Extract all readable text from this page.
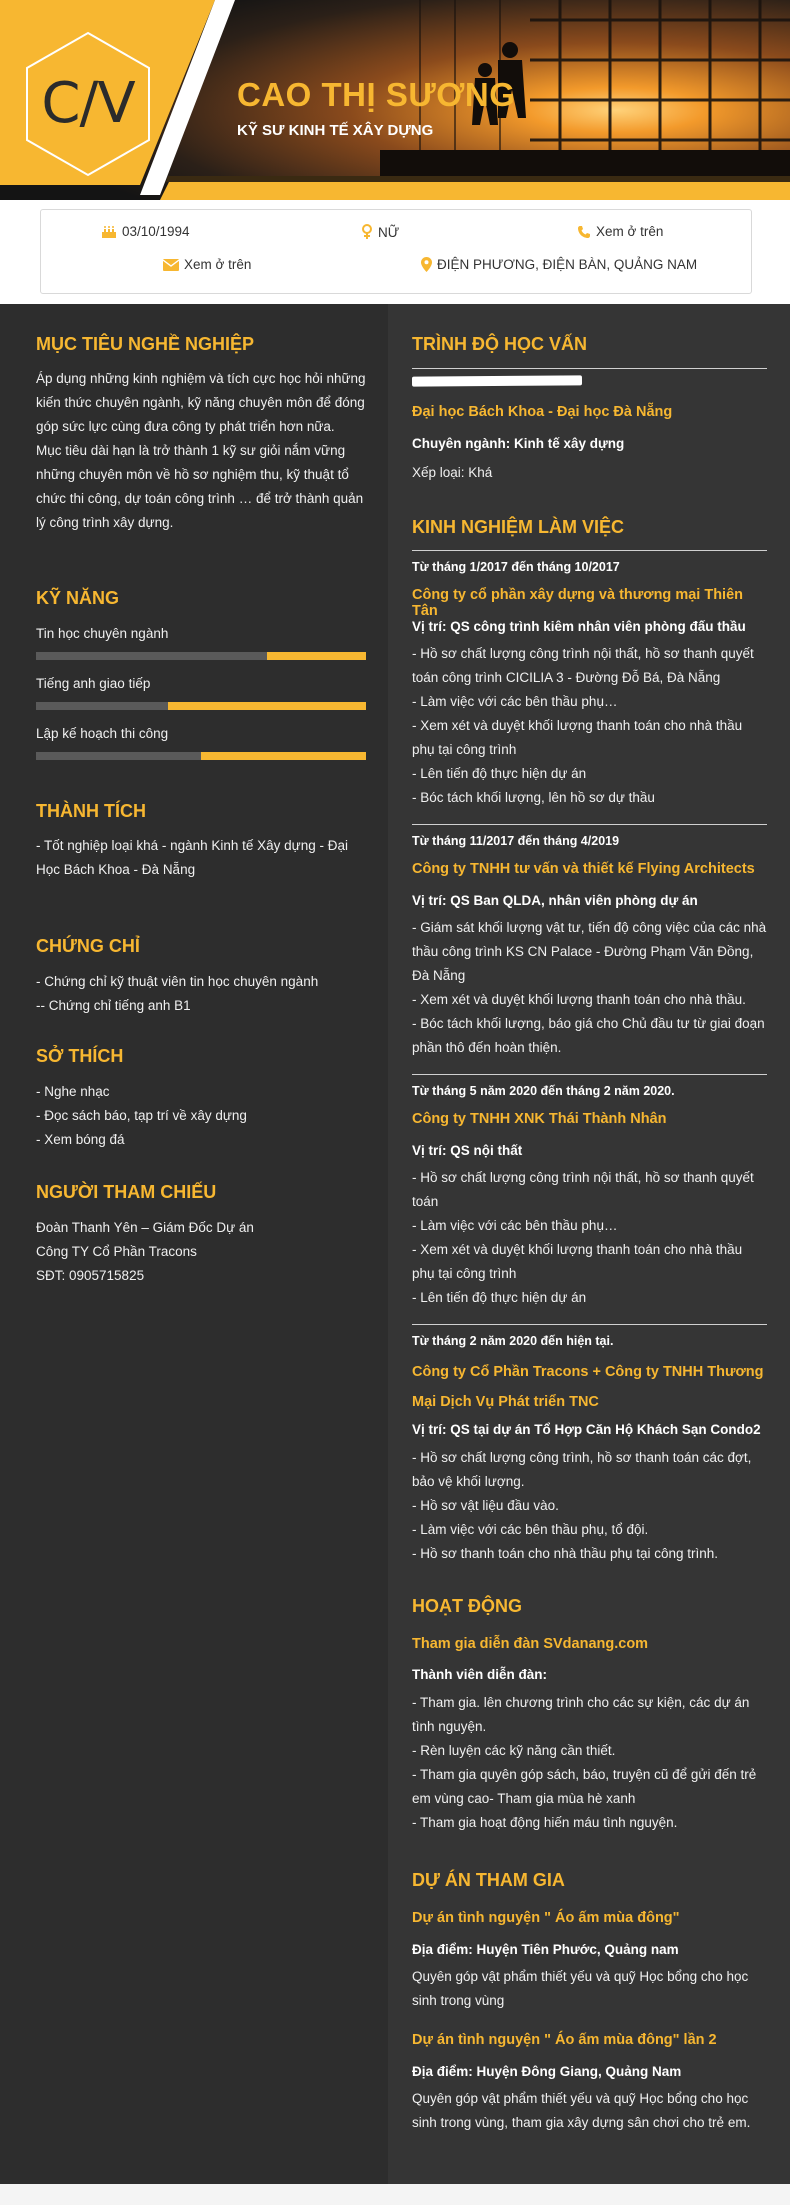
C/V	CAO THỊ SƯƠNG
KỸ SƯ KINH TẾ XÂY DỰNG
03/10/1994	NỮ	Xem ở trên
Xem ở trên	ĐIỆN PHƯƠNG, ĐIỆN BÀN, QUẢNG NAM
MỤC TIÊU NGHỀ NGHIỆP
Áp dụng những kinh nghiệm và tích cực học hỏi những kiến thức chuyên ngành, kỹ năng chuyên môn để đóng góp sức lực cùng đưa công ty phát triển hơn nữa.
Mục tiêu dài hạn là trở thành 1 kỹ sư giỏi nắm vững những chuyên môn về hồ sơ nghiệm thu, kỹ thuật tổ chức thi công, dự toán công trình … để trở thành quản lý công trình xây dựng.
KỸ NĂNG
Tin học chuyên ngành
Tiếng anh giao tiếp
Lập kế hoạch thi công
THÀNH TÍCH
- Tốt nghiệp loại khá - ngành Kinh tế Xây dựng - Đại Học Bách Khoa - Đà Nẵng
CHỨNG CHỈ
- Chứng chỉ kỹ thuật viên tin học chuyên ngành
-- Chứng chỉ tiếng anh B1
SỞ THÍCH
- Nghe nhạc
- Đọc sách báo, tạp trí về xây dựng
- Xem bóng đá
NGƯỜI THAM CHIẾU
Đoàn Thanh Yên – Giám Đốc Dự án
Công TY Cổ Phần Tracons
SĐT: 0905715825
TRÌNH ĐỘ HỌC VẤN
Đại học Bách Khoa - Đại học Đà Nẵng
Chuyên ngành: Kinh tế xây dựng
Xếp loại: Khá
KINH NGHIỆM LÀM VIỆC
Từ tháng 1/2017 đến tháng 10/2017
Công ty cổ phần xây dựng và thương mại Thiên Tân
Vị trí: QS công trình kiêm nhân viên phòng đấu thầu
- Hồ sơ chất lượng công trình nội thất, hồ sơ thanh quyết toán công trình CICILIA 3 - Đường Đỗ Bá, Đà Nẵng
- Làm việc với các bên thầu phụ…
- Xem xét và duyệt khối lượng thanh toán cho nhà thầu phụ tại công trình
- Lên tiến độ thực hiện dự án
- Bóc tách khối lượng, lên hồ sơ dự thầu
Từ tháng 11/2017 đến tháng 4/2019
Công ty TNHH tư vấn và thiết kế Flying Architects
Vị trí: QS Ban QLDA, nhân viên phòng dự án
- Giám sát khối lượng vật tư, tiến độ công việc của các nhà thầu công trình KS CN Palace - Đường Phạm Văn Đồng, Đà Nẵng
- Xem xét và duyệt khối lượng thanh toán cho nhà thầu.
- Bóc tách khối lượng, báo giá cho Chủ đầu tư từ giai đoạn phần thô đến hoàn thiện.
Từ tháng 5 năm 2020 đến tháng 2 năm 2020.
Công ty TNHH XNK Thái Thành Nhân
Vị trí: QS nội thất
- Hồ sơ chất lượng công trình nội thất, hồ sơ thanh quyết toán
- Làm việc với các bên thầu phụ…
- Xem xét và duyệt khối lượng thanh toán cho nhà thầu phụ tại công trình
- Lên tiến độ thực hiện dự án
Từ tháng 2 năm 2020 đến hiện tại.
Công ty Cổ Phần Tracons + Công ty TNHH Thương Mại Dịch Vụ Phát triển TNC
Vị trí: QS tại dự án Tổ Hợp Căn Hộ Khách Sạn Condo2
- Hồ sơ chất lượng công trình, hồ sơ thanh toán các đợt, bảo vệ khối lượng.
- Hồ sơ vật liệu đầu vào.
- Làm việc với các bên thầu phụ, tổ đội.
- Hồ sơ thanh toán cho nhà thầu phụ tại công trình.
HOẠT ĐỘNG
Tham gia diễn đàn SVdanang.com
Thành viên diễn đàn:
- Tham gia. lên chương trình cho các sự kiện, các dự án tình nguyện.
- Rèn luyện các kỹ năng cần thiết.
- Tham gia quyên góp sách, báo, truyện cũ để gửi đến trẻ em vùng cao- Tham gia mùa hè xanh
- Tham gia hoạt động hiến máu tình nguyện.
DỰ ÁN THAM GIA
Dự án tình nguyện " Áo ấm mùa đông"
Địa điểm: Huyện Tiên Phước, Quảng nam
Quyên góp vật phẩm thiết yếu và quỹ Học bổng cho học sinh trong vùng
Dự án tình nguyện " Áo ấm mùa đông" lần 2
Địa điểm: Huyện Đông Giang, Quảng Nam
Quyên góp vật phẩm thiết yếu và quỹ Học bổng cho học sinh trong vùng, tham gia xây dựng sân chơi cho trẻ em.
